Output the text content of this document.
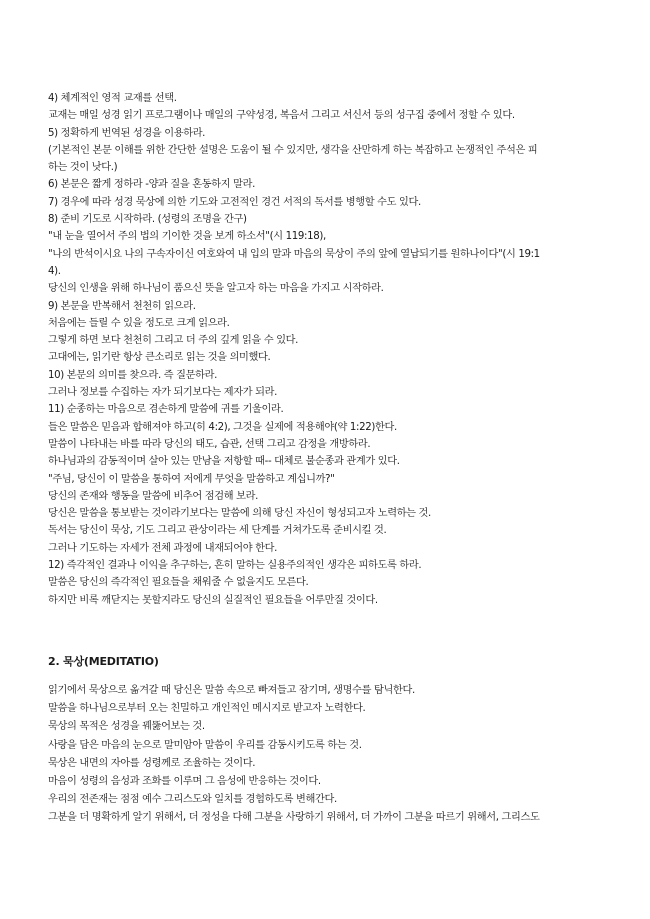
4) 체계적인 영적 교재를 선택.
교재는 매일 성경 읽기 프로그램이나 매일의 구약성경, 복음서 그리고 서신서 등의 성구집 중에서 정할 수 있다.
5) 정확하게 번역된 성경을 이용하라.
(기본적인 본문 이해를 위한 간단한 설명은 도움이 될 수 있지만, 생각을 산만하게 하는 복잡하고 논쟁적인 주석은 피
하는 것이 낫다.)
6) 본문은 짧게 정하라 -양과 질을 혼동하지 말라.
7) 경우에 따라 성경 묵상에 의한 기도와 고전적인 경건 서적의 독서를 병행할 수도 있다.
8) 준비 기도로 시작하라. (성령의 조명을 간구)
"내 눈을 열어서 주의 법의 기이한 것을 보게 하소서"(시 119:18),
"나의 반석이시요 나의 구속자이신 여호와여 내 입의 말과 마음의 묵상이 주의 앞에 열납되기를 원하나이다"(시 19:1
4).
당신의 인생을 위해 하나님이 품으신 뜻을 알고자 하는 마음을 가지고 시작하라.
9) 본문을 반복해서 천천히 읽으라.
처음에는 들릴 수 있을 정도로 크게 읽으라.
그렇게 하면 보다 천천히 그리고 더 주의 깊게 읽을 수 있다.
고대에는, 읽기란 항상 큰소리로 읽는 것을 의미했다.
10) 본문의 의미를 찾으라. 즉 질문하라.
그러나 정보를 수집하는 자가 되기보다는 제자가 되라.
11) 순종하는 마음으로 겸손하게 말씀에 귀를 기울이라.
들은 말씀은 믿음과 합해져야 하고(히 4:2), 그것을 실제에 적용해야(약 1:22)한다.
말씀이 나타내는 바를 따라 당신의 태도, 습관, 선택 그리고 감정을 개방하라.
하나님과의 감동적이며 살아 있는 만남을 저항할 때-- 대체로 불순종과 관계가 있다.
"주님, 당신이 이 말씀을 통하여 저에게 무엇을 말씀하고 계십니까?"
당신의 존재와 행동을 말씀에 비추어 점검해 보라.
당신은 말씀을 통보받는 것이라기보다는 말씀에 의해 당신 자신이 형성되고자 노력하는 것.
독서는 당신이 묵상, 기도 그리고 관상이라는 세 단계를 거쳐가도록 준비시킬 것.
그러나 기도하는 자세가 전체 과정에 내재되어야 한다.
12) 즉각적인 결과나 이익을 추구하는, 흔히 말하는 실용주의적인 생각은 피하도록 하라.
말씀은 당신의 즉각적인 필요들을 채워줄 수 없을지도 모른다.
하지만 비록 깨닫지는 못할지라도 당신의 실질적인 필요들을 어루만질 것이다.
2. 묵상(MEDITATIO)
읽기에서 묵상으로 옮겨갈 때 당신은 말씀 속으로 빠져들고 잠기며, 생명수를 탐닉한다.
말씀을 하나님으로부터 오는 친밀하고 개인적인 메시지로 받고자 노력한다.
묵상의 목적은 성경을 꿰뚫어보는 것.
사랑을 담은 마음의 눈으로 말미암아 말씀이 우리를 감동시키도록 하는 것.
묵상은 내면의 자아를 성령께로 조율하는 것이다.
마음이 성령의 음성과 조화를 이루며 그 음성에 반응하는 것이다.
우리의 전존재는 점점 예수 그리스도와 일치를 경험하도록 변해간다.
그분을 더 명확하게 알기 위해서, 더 정성을 다해 그분을 사랑하기 위해서, 더 가까이 그분을 따르기 위해서, 그리스도
